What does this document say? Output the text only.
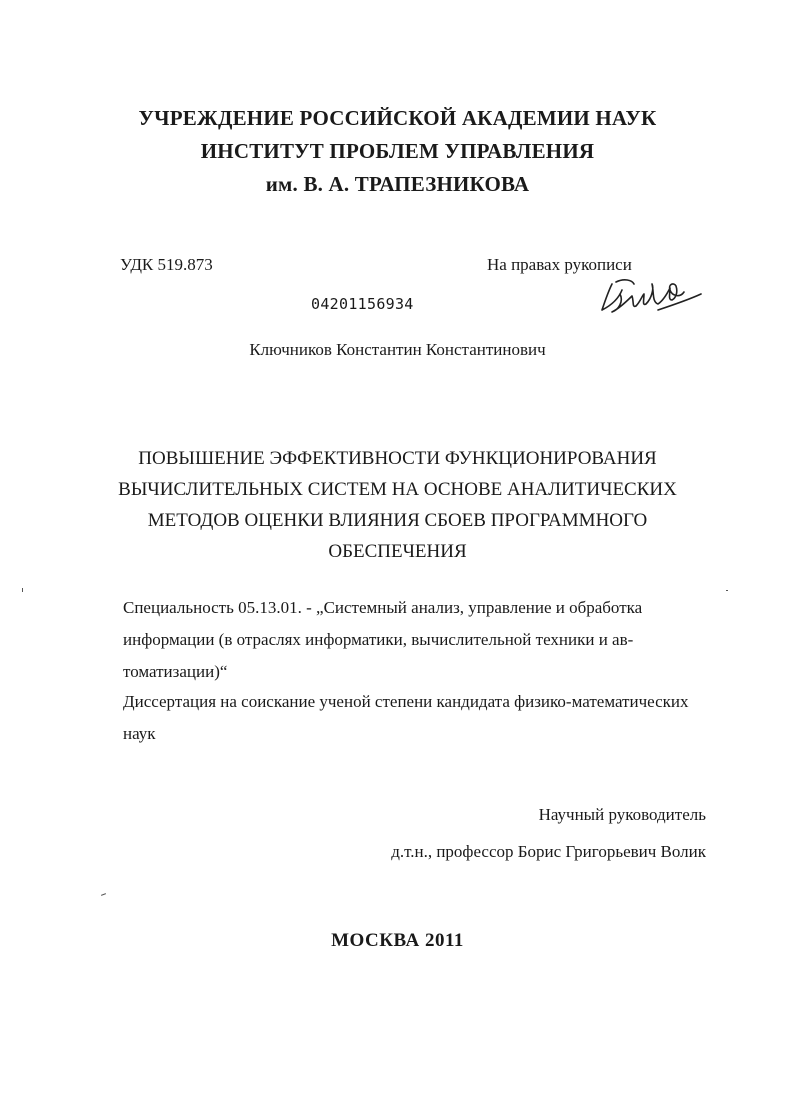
УЧРЕЖДЕНИЕ РОССИЙСКОЙ АКАДЕМИИ НАУК
ИНСТИТУТ ПРОБЛЕМ УПРАВЛЕНИЯ
им. В. А. ТРАПЕЗНИКОВА
УДК 519.873	На правах рукописи
04201156934
Ключников Константин Константинович
ПОВЫШЕНИЕ ЭФФЕКТИВНОСТИ ФУНКЦИОНИРОВАНИЯ
ВЫЧИСЛИТЕЛЬНЫХ СИСТЕМ НА ОСНОВЕ АНАЛИТИЧЕСКИХ
МЕТОДОВ ОЦЕНКИ ВЛИЯНИЯ СБОЕВ ПРОГРАММНОГО
ОБЕСПЕЧЕНИЯ
Специальность 05.13.01. - „Системный анализ, управление и обработка
информации (в отраслях информатики, вычислительной техники и ав-
томатизации)“
Диссертация на соискание ученой степени кандидата физико-математических
наук
Научный руководитель
д.т.н., профессор Борис Григорьевич Волик
МОСКВА 2011
